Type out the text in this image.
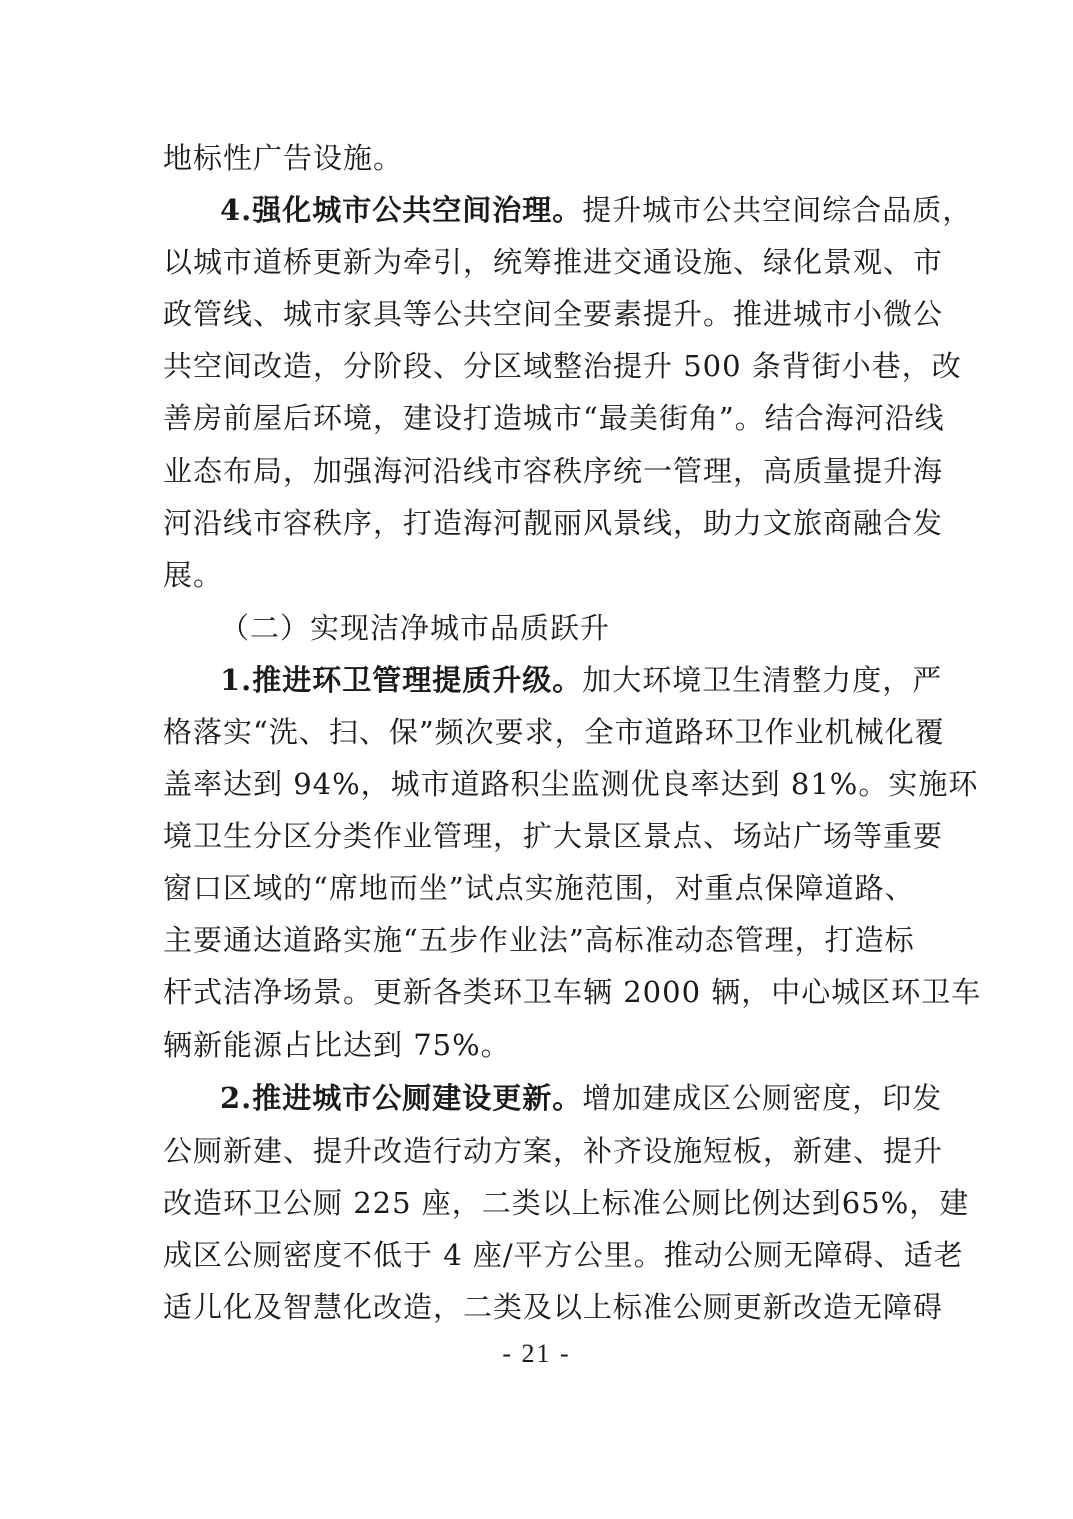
地标性广告设施。
4.强化城市公共空间治理。提升城市公共空间综合品质，
以城市道桥更新为牵引，统筹推进交通设施、绿化景观、市
政管线、城市家具等公共空间全要素提升。推进城市小微公
共空间改造，分阶段、分区域整治提升 500 条背街小巷，改
善房前屋后环境，建设打造城市“最美街角”。结合海河沿线
业态布局，加强海河沿线市容秩序统一管理，高质量提升海
河沿线市容秩序，打造海河靓丽风景线，助力文旅商融合发
展。
（二）实现洁净城市品质跃升
1.推进环卫管理提质升级。加大环境卫生清整力度，严
格落实“洗、扫、保”频次要求，全市道路环卫作业机械化覆
盖率达到 94%，城市道路积尘监测优良率达到 81%。实施环
境卫生分区分类作业管理，扩大景区景点、场站广场等重要
窗口区域的“席地而坐”试点实施范围，对重点保障道路、
主要通达道路实施“五步作业法”高标准动态管理，打造标
杆式洁净场景。更新各类环卫车辆 2000 辆，中心城区环卫车
辆新能源占比达到 75%。
2.推进城市公厕建设更新。增加建成区公厕密度，印发
公厕新建、提升改造行动方案，补齐设施短板，新建、提升
改造环卫公厕 225 座，二类以上标准公厕比例达到65%，建
成区公厕密度不低于 4 座/平方公里。推动公厕无障碍、适老
适儿化及智慧化改造，二类及以上标准公厕更新改造无障碍
- 21 -
